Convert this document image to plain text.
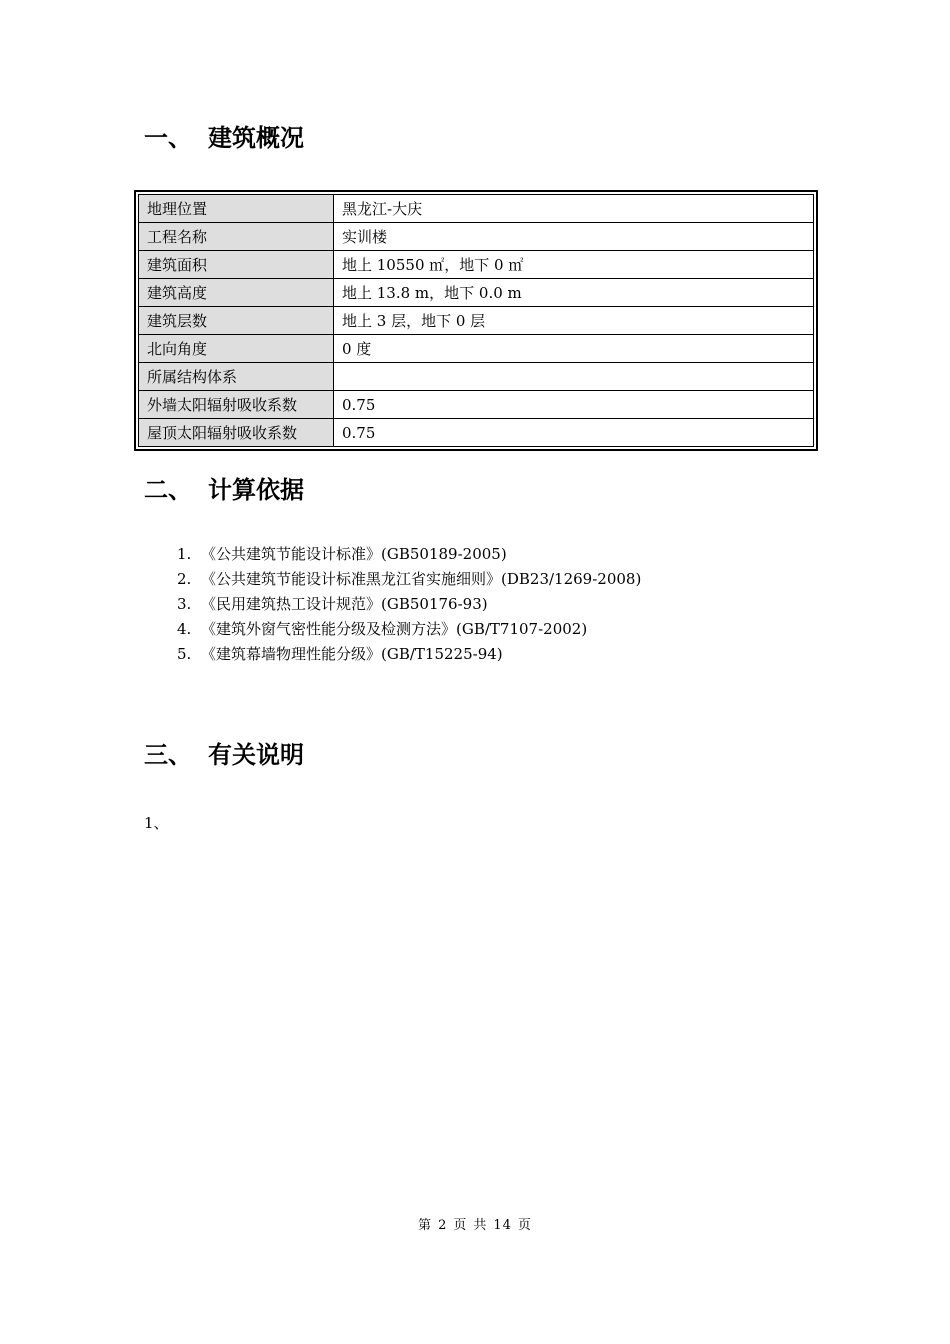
一、 建筑概况
地理位置	黑龙江-大庆
工程名称	实训楼
建筑面积	地上 10550 ㎡，地下 0 ㎡
建筑高度	地上 13.8 m，地下 0.0 m
建筑层数	地上 3 层，地下 0 层
北向角度	0 度
所属结构体系	
外墙太阳辐射吸收系数	0.75
屋顶太阳辐射吸收系数	0.75
二、 计算依据
1. 《公共建筑节能设计标准》(GB50189-2005)
2. 《公共建筑节能设计标准黑龙江省实施细则》(DB23/1269-2008)
3. 《民用建筑热工设计规范》(GB50176-93)
4. 《建筑外窗气密性能分级及检测方法》(GB/T7107-2002)
5. 《建筑幕墙物理性能分级》(GB/T15225-94)
三、 有关说明
1、
第 2 页 共 14 页
